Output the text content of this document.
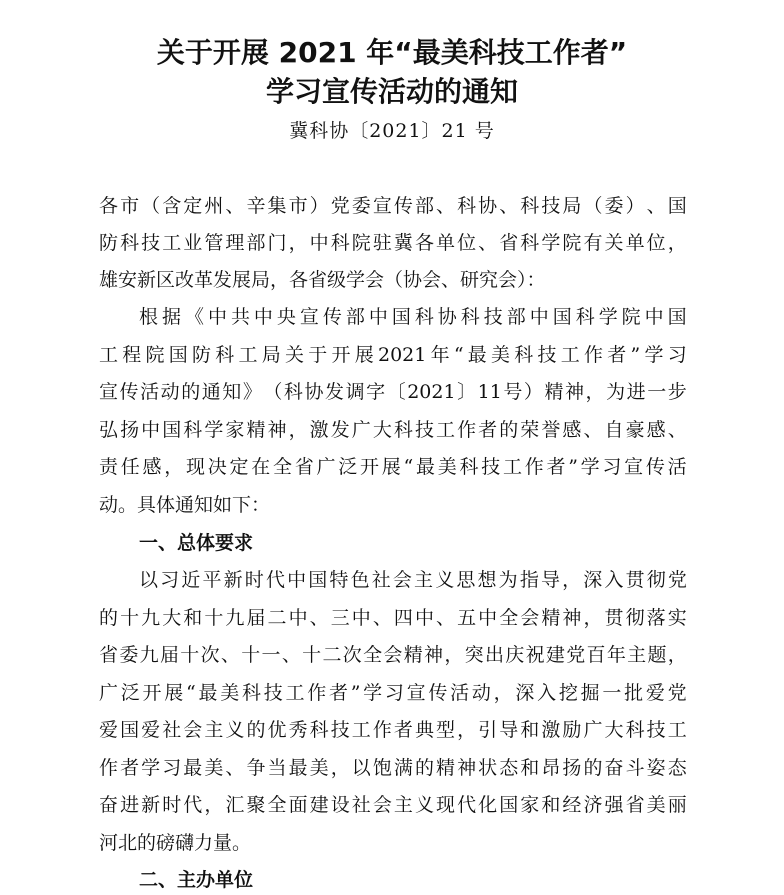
关于开展 2021 年“最美科技工作者”
学习宣传活动的通知
冀科协〔2021〕21 号
各 市 （ 含 定 州 、 辛 集 市 ） 党 委 宣 传 部 、 科 协 、 科 技 局 （ 委 ） 、 国
防 科 技 工 业 管 理 部 门 ， 中 科 院 驻 冀 各 单 位 、 省 科 学 院 有 关 单 位 ，
雄安新区改革发展局，各省级学会（协会、研究会）：
根 据 《 中 共 中 央 宣 传 部 中 国 科 协 科 技 部 中 国 科 学 院 中 国
工 程 院 国 防 科 工 局 关 于 开 展 2021 年 “ 最 美 科 技 工 作 者 ” 学 习
宣 传 活 动 的 通 知 》 （ 科 协 发 调 字 〔 2021 〕 11 号 ） 精 神 ， 为 进 一 步
弘 扬 中 国 科 学 家 精 神 ， 激 发 广 大 科 技 工 作 者 的 荣 誉 感 、 自 豪 感 、
责 任 感 ， 现 决 定 在 全 省 广 泛 开 展 “ 最 美 科 技 工 作 者 ” 学 习 宣 传 活
动。具体通知如下：
一、总体要求
以 习 近 平 新 时 代 中 国 特 色 社 会 主 义 思 想 为 指 导 ， 深 入 贯 彻 党
的 十 九 大 和 十 九 届 二 中 、 三 中 、 四 中 、 五 中 全 会 精 神 ， 贯 彻 落 实
省 委 九 届 十 次 、 十 一 、 十 二 次 全 会 精 神 ， 突 出 庆 祝 建 党 百 年 主 题 ，
广 泛 开 展 “ 最 美 科 技 工 作 者 ” 学 习 宣 传 活 动 ， 深 入 挖 掘 一 批 爱 党
爱 国 爱 社 会 主 义 的 优 秀 科 技 工 作 者 典 型 ， 引 导 和 激 励 广 大 科 技 工
作 者 学 习 最 美 、 争 当 最 美 ， 以 饱 满 的 精 神 状 态 和 昂 扬 的 奋 斗 姿 态
奋 进 新 时 代 ， 汇 聚 全 面 建 设 社 会 主 义 现 代 化 国 家 和 经 济 强 省 美 丽
河北的磅礴力量。
二、主办单位
